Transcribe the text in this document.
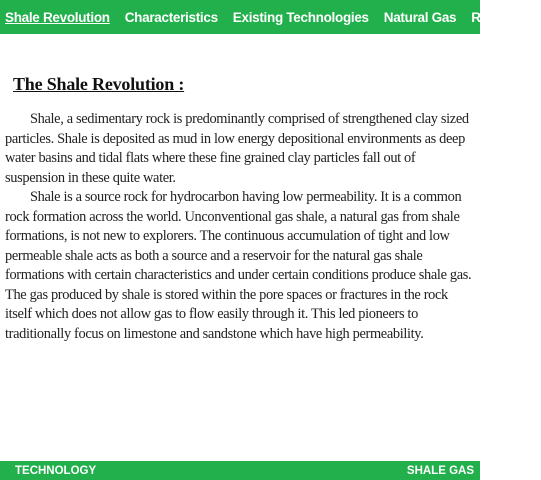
Shale Revolution Characteristics Existing Technologies Natural Gas References
The Shale Revolution :

Shale, a sedimentary rock is predominantly comprised of strengthened clay sized particles. Shale is deposited as mud in low energy depositional environments as deep water basins and tidal flats where these fine grained clay particles fall out of suspension in these quite water.

Shale is a source rock for hydrocarbon having low permeability. It is a common rock formation across the world. Unconventional gas shale, a natural gas from shale formations, is not new to explorers. The continuous accumulation of tight and low permeable shale acts as both a source and a reservoir for the natural gas shale formations with certain characteristics and under certain conditions produce shale gas. The gas produced by shale is stored within the pore spaces or fractures in the rock itself which does not allow gas to flow easily through it. This led pioneers to traditionally focus on limestone and sandstone which have high permeability.

TECHNOLOGY	SHALE GAS
